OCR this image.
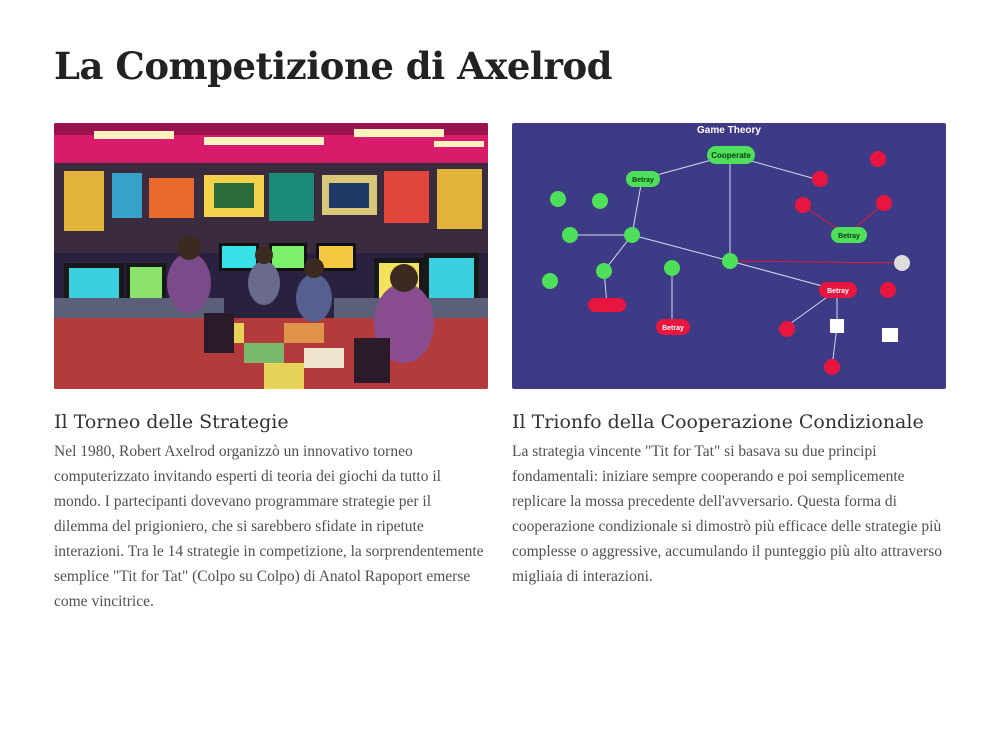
La Competizione di Axelrod
Il Torneo delle Strategie

Nel 1980, Robert Axelrod organizzò un innovativo torneo computerizzato invitando esperti di teoria dei giochi da tutto il mondo. I partecipanti dovevano programmare strategie per il dilemma del prigioniero, che si sarebbero sfidate in ripetute interazioni. Tra le 14 strategie in competizione, la sorprendentemente semplice "Tit for Tat" (Colpo su Colpo) di Anatol Rapoport emerse come vincitrice.

Game Theory
Cooperate
Betray
Betray
Betray
Betray
Il Trionfo della Cooperazione Condizionale

La strategia vincente "Tit for Tat" si basava su due principi fondamentali: iniziare sempre cooperando e poi semplicemente replicare la mossa precedente dell'avversario. Questa forma di cooperazione condizionale si dimostrò più efficace delle strategie più complesse o aggressive, accumulando il punteggio più alto attraverso migliaia di interazioni.
